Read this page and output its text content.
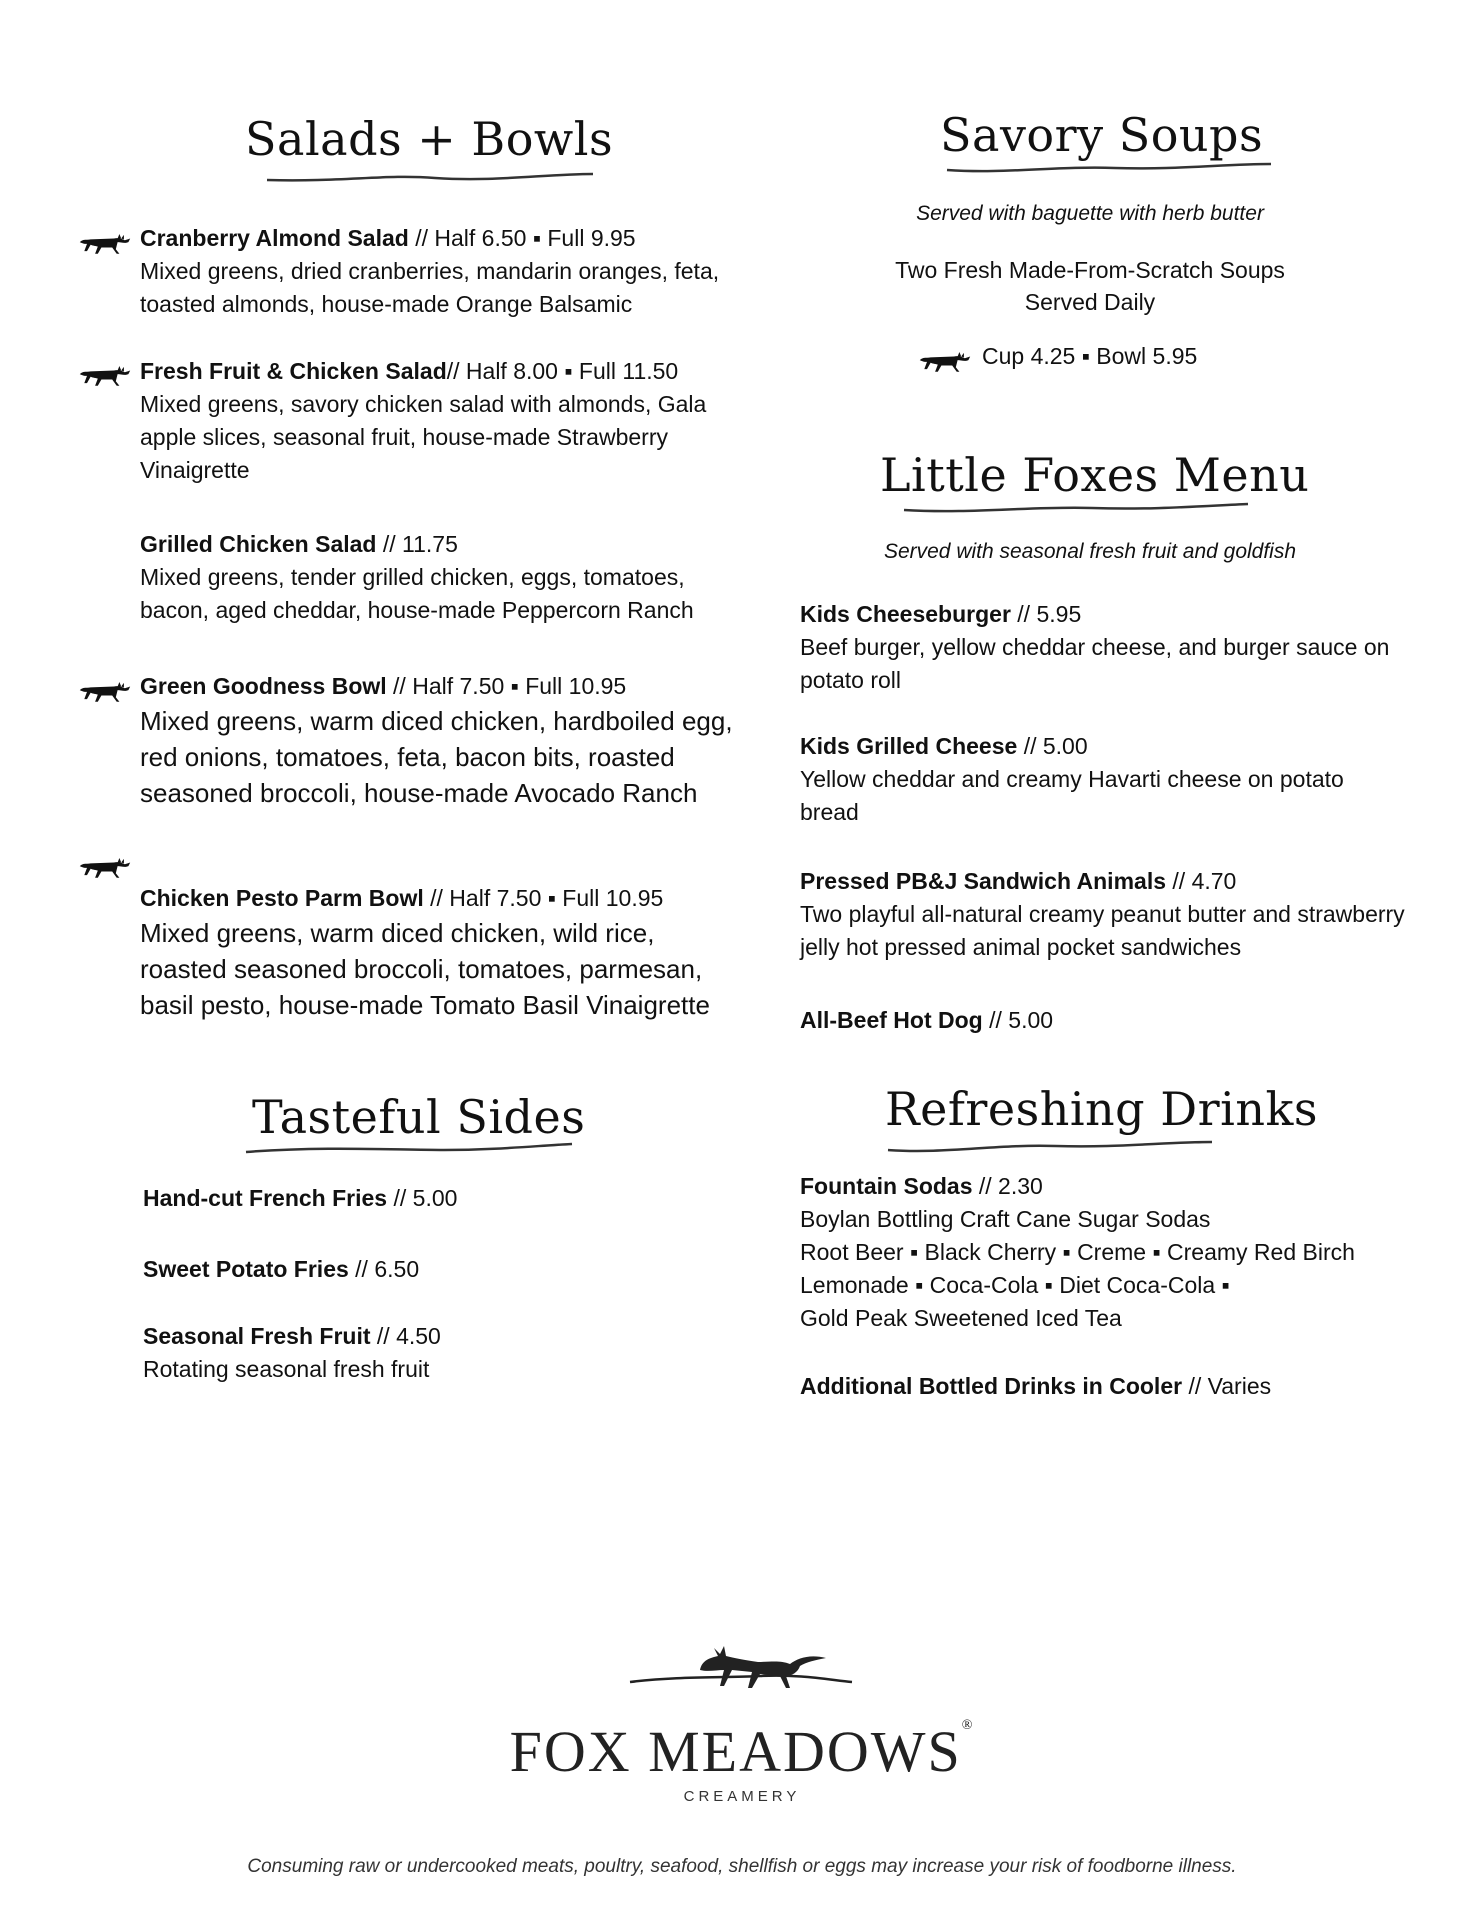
Salads + Bowls
Cranberry Almond Salad // Half 6.50 ▪ Full 9.95
Mixed greens, dried cranberries, mandarin oranges, feta, toasted almonds, house-made Orange Balsamic
Fresh Fruit & Chicken Salad// Half 8.00 ▪ Full 11.50
Mixed greens, savory chicken salad with almonds, Gala apple slices, seasonal fruit, house-made Strawberry Vinaigrette
Grilled Chicken Salad // 11.75
Mixed greens, tender grilled chicken, eggs, tomatoes, bacon, aged cheddar, house-made Peppercorn Ranch
Green Goodness Bowl // Half 7.50 ▪ Full 10.95
Mixed greens, warm diced chicken, hardboiled egg, red onions, tomatoes, feta, bacon bits, roasted seasoned broccoli, house-made Avocado Ranch
Chicken Pesto Parm Bowl // Half 7.50 ▪ Full 10.95
Mixed greens, warm diced chicken, wild rice, roasted seasoned broccoli, tomatoes, parmesan, basil pesto, house-made Tomato Basil Vinaigrette
Tasteful Sides
Hand-cut French Fries // 5.00
Sweet Potato Fries // 6.50
Seasonal Fresh Fruit // 4.50
Rotating seasonal fresh fruit
Savory Soups
Served with baguette with herb butter
Two Fresh Made-From-Scratch Soups
Served Daily
Cup 4.25 ▪ Bowl 5.95
Little Foxes Menu
Served with seasonal fresh fruit and goldfish
Kids Cheeseburger // 5.95
Beef burger, yellow cheddar cheese, and burger sauce on potato roll
Kids Grilled Cheese // 5.00
Yellow cheddar and creamy Havarti cheese on potato bread
Pressed PB&J Sandwich Animals // 4.70
Two playful all-natural creamy peanut butter and strawberry jelly hot pressed animal pocket sandwiches
All-Beef Hot Dog // 5.00
Refreshing Drinks
Fountain Sodas // 2.30
Boylan Bottling Craft Cane Sugar Sodas
Root Beer ▪ Black Cherry ▪ Creme ▪ Creamy Red Birch
Lemonade ▪ Coca-Cola ▪ Diet Coca-Cola ▪
Gold Peak Sweetened Iced Tea
Additional Bottled Drinks in Cooler // Varies
FOX MEADOWS®
CREAMERY
Consuming raw or undercooked meats, poultry, seafood, shellfish or eggs may increase your risk of foodborne illness.
